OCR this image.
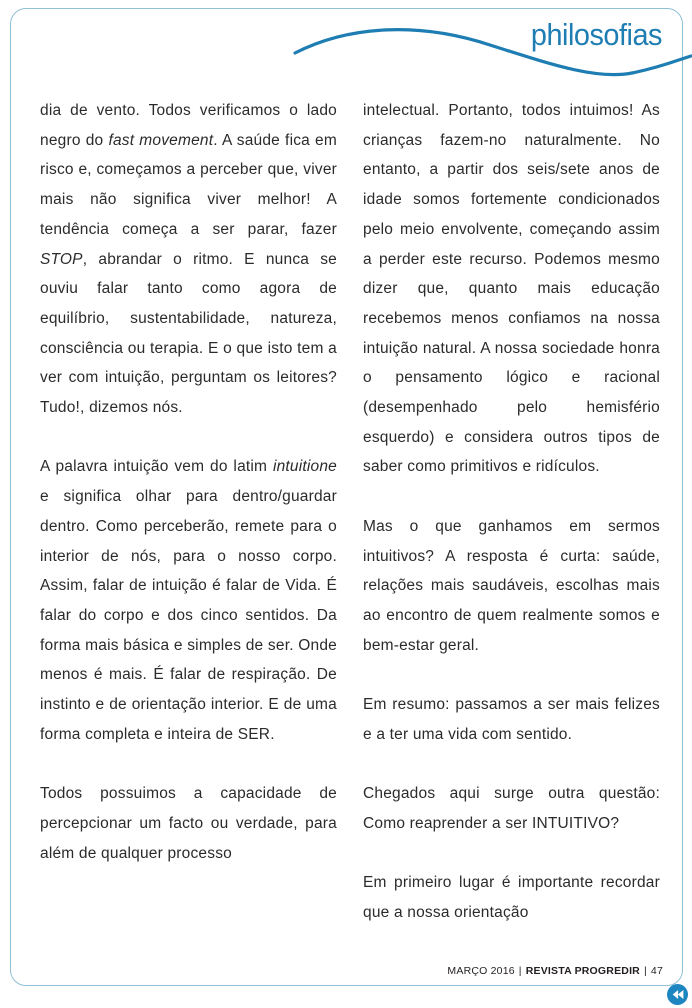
philosofias

dia de vento. Todos verificamos o lado negro do fast movement. A saúde fica em risco e, começamos a perceber que, viver mais não significa viver melhor! A tendência começa a ser parar, fazer STOP, abrandar o ritmo. E nunca se ouviu falar tanto como agora de equilíbrio, sustentabilidade, natureza, consciência ou terapia. E o que isto tem a ver com intuição, perguntam os leitores? Tudo!, dizemos nós.

A palavra intuição vem do latim intuitione e significa olhar para dentro/guardar dentro. Como perceberão, remete para o interior de nós, para o nosso corpo. Assim, falar de intuição é falar de Vida. É falar do corpo e dos cinco sentidos. Da forma mais básica e simples de ser. Onde menos é mais. É falar de respiração. De instinto e de orientação interior. E de uma forma completa e inteira de SER.

Todos possuimos a capacidade de percepcionar um facto ou verdade, para além de qualquer processo

intelectual. Portanto, todos intuimos! As crianças fazem-no naturalmente. No entanto, a partir dos seis/sete anos de idade somos fortemente condicionados pelo meio envolvente, começando assim a perder este recurso. Podemos mesmo dizer que, quanto mais educação recebemos menos confiamos na nossa intuição natural. A nossa sociedade honra o pensamento lógico e racional (desempenhado pelo hemisfério esquerdo) e considera outros tipos de saber como primitivos e ridículos.

Mas o que ganhamos em sermos intuitivos? A resposta é curta: saúde, relações mais saudáveis, escolhas mais ao encontro de quem realmente somos e bem-estar geral.

Em resumo: passamos a ser mais felizes e a ter uma vida com sentido.

Chegados aqui surge outra questão: Como reaprender a ser INTUITIVO?

Em primeiro lugar é importante recordar que a nossa orientação

MARÇO 2016 | REVISTA PROGREDIR | 47
